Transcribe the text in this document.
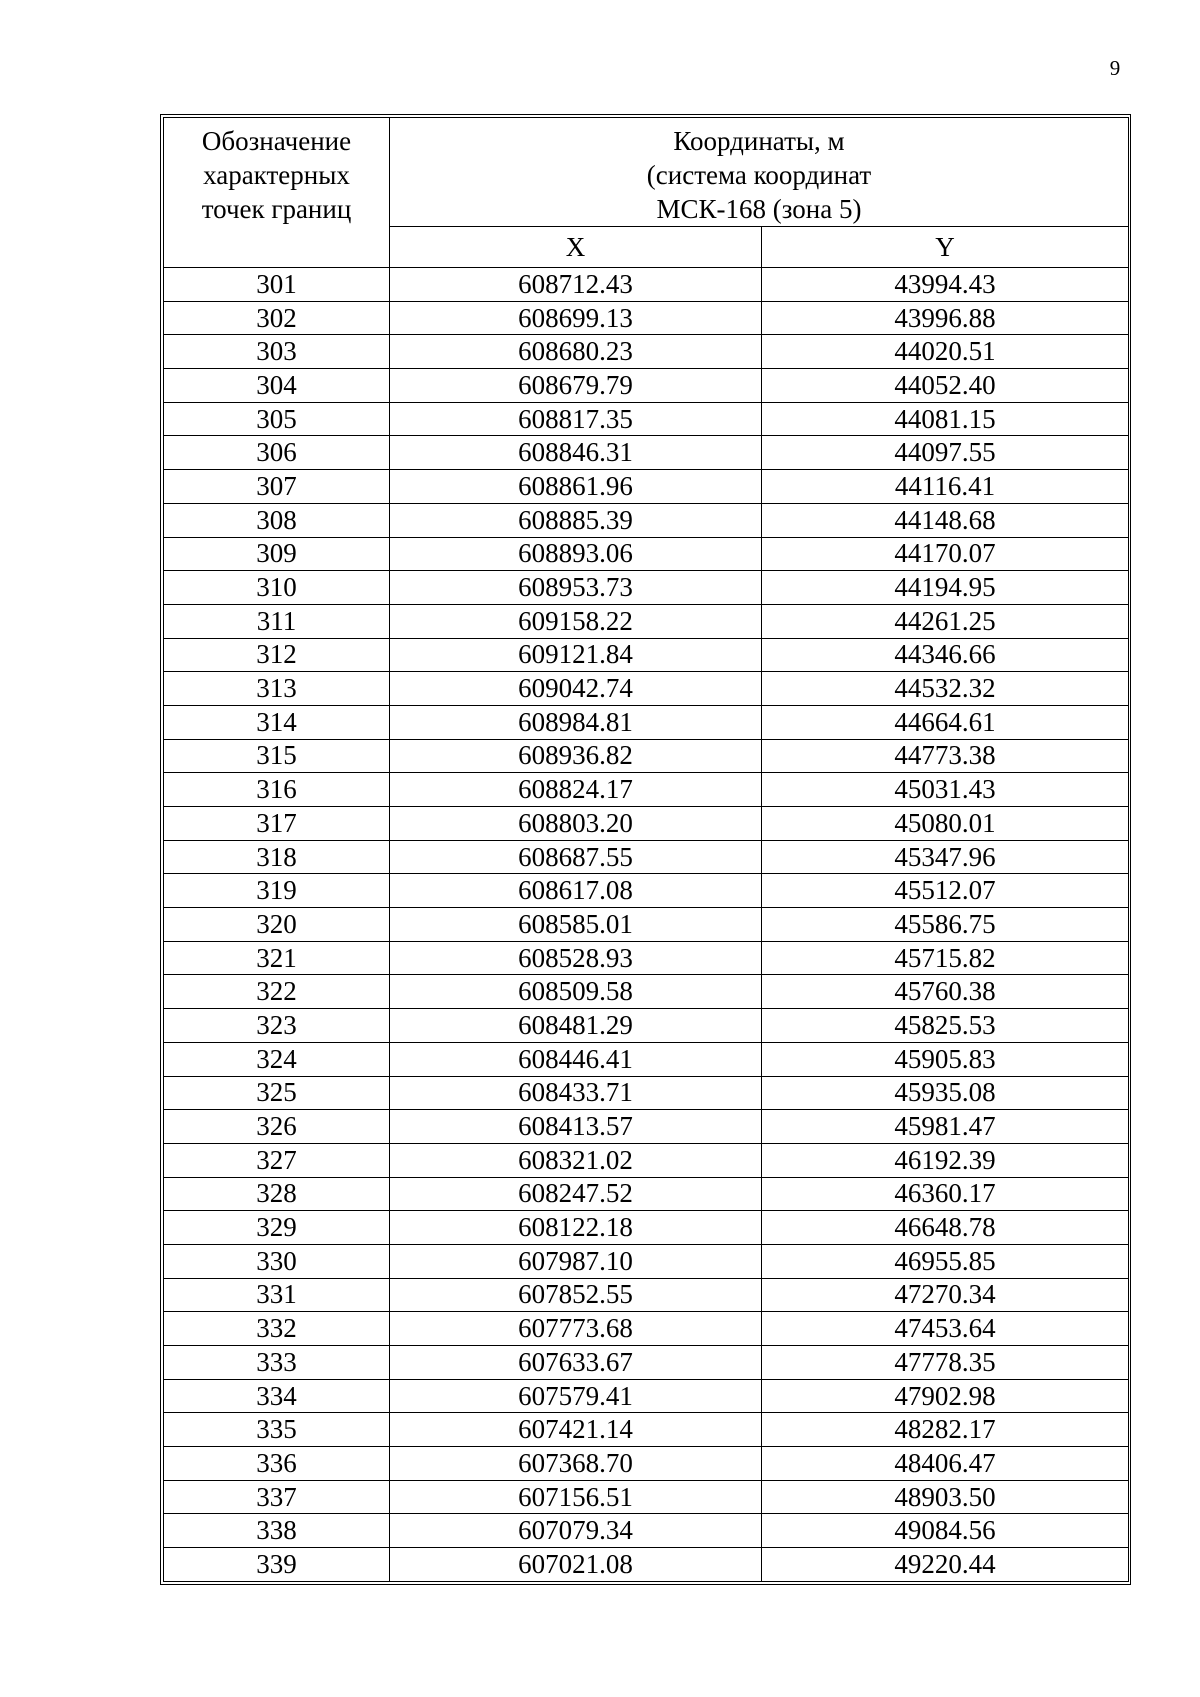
9
Обозначение
характерных
точек границ	Координаты, м
(система координат
МСК-168 (зона 5)	

	X	Y
301	608712.43	43994.43
302	608699.13	43996.88
303	608680.23	44020.51
304	608679.79	44052.40
305	608817.35	44081.15
306	608846.31	44097.55
307	608861.96	44116.41
308	608885.39	44148.68
309	608893.06	44170.07
310	608953.73	44194.95
311	609158.22	44261.25
312	609121.84	44346.66
313	609042.74	44532.32
314	608984.81	44664.61
315	608936.82	44773.38
316	608824.17	45031.43
317	608803.20	45080.01
318	608687.55	45347.96
319	608617.08	45512.07
320	608585.01	45586.75
321	608528.93	45715.82
322	608509.58	45760.38
323	608481.29	45825.53
324	608446.41	45905.83
325	608433.71	45935.08
326	608413.57	45981.47
327	608321.02	46192.39
328	608247.52	46360.17
329	608122.18	46648.78
330	607987.10	46955.85
331	607852.55	47270.34
332	607773.68	47453.64
333	607633.67	47778.35
334	607579.41	47902.98
335	607421.14	48282.17
336	607368.70	48406.47
337	607156.51	48903.50
338	607079.34	49084.56
339	607021.08	49220.44
